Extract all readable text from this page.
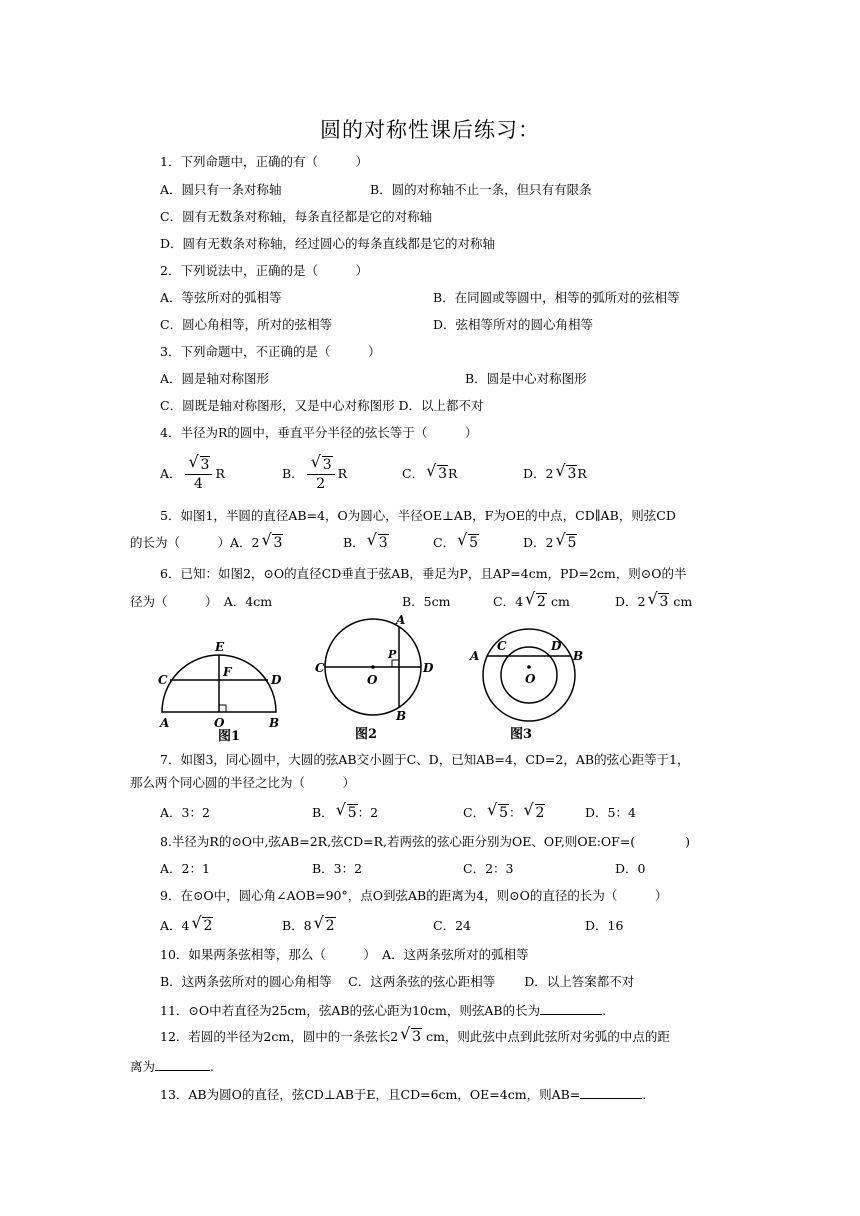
圆的对称性课后练习：
1．下列命题中，正确的有（　　　）
A．圆只有一条对称轴	B．圆的对称轴不止一条，但只有有限条
C．圆有无数条对称轴，每条直径都是它的对称轴
D．圆有无数条对称轴，经过圆心的每条直线都是它的对称轴
2．下列说法中，正确的是（　　　）
A．等弦所对的弧相等	B．在同圆或等圆中，相等的弧所对的弦相等
C．圆心角相等，所对的弦相等	D．弦相等所对的圆心角相等
3．下列命题中，不正确的是（　　　）
A．圆是轴对称图形	B．圆是中心对称图形
C．圆既是轴对称图形，又是中心对称图形 D．以上都不对
4．半径为R的圆中，垂直平分半径的弦长等于（　　　）
A． √ $\frac{3}{4}$ R	B． √ $\frac{3}{2}$ R	C． √ 3R	D．2 √ 3R
5．如图1，半圆的直径AB=4，O为圆心，半径OE⊥AB，F为OE的中点，CD∥AB，则弦CD
的长为（　　　）A．2 √ 3	B． √ 3	C． √ 5	D．2 √ 5
6．已知：如图2，⊙O的直径CD垂直于弦AB，垂足为P，且AP=4cm，PD=2cm，则⊙O的半
径为（　　　）　A．4cm	B．5cm	C．4 √ 2 cm	D．2 √ 3 cm
E
F
C	D
A	O	B
图1
A
C
P
D
O
B
图2
A
C	D
B
O
图3
7．如图3，同心圆中，大圆的弦AB交小圆于C、D，已知AB=4，CD=2，AB的弦心距等于1，
那么两个同心圆的半径之比为（　　　）
A．3：2	B． √ 5：2	C． √ 5： √ 2	D．5：4
8.半径为R的⊙O中,弦AB=2R,弦CD=R,若两弦的弦心距分别为OE、OF,则OE:OF=(　　　　)
A．2：1	B．3：2	C．2：3	D．0
9．在⊙O中，圆心角∠AOB=90°，点O到弦AB的距离为4，则⊙O的直径的长为（　　　）
A．4 √ 2	B．8 √ 2	C．24	D．16
10．如果两条弦相等，那么（　　　）　A．这两条弦所对的弧相等
B．这两条弦所对的圆心角相等　 C．这两条弦的弦心距相等　　 D．以上答案都不对
11．⊙O中若直径为25cm，弦AB的弦心距为10cm，则弦AB的长为	.
12．若圆的半径为2cm，圆中的一条弦长2 √ 3 cm，则此弦中点到此弦所对劣弧的中点的距
离为	.
13．AB为圆O的直径，弦CD⊥AB于E，且CD=6cm，OE=4cm，则AB=	.
